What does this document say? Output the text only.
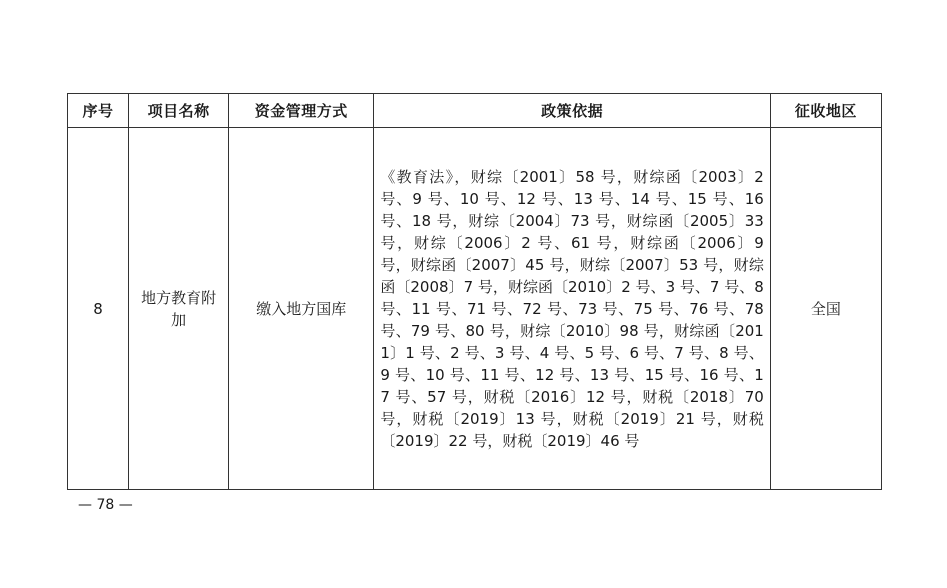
序号	项目名称	资金管理方式	政策依据	征收地区
8	地方教育附加	缴入地方国库	《教育法》，财综〔2001〕58 号，财综函〔2003〕2 号、9 号、10 号、12 号、13 号、14 号、15 号、16 号、18 号，财综〔2004〕73 号，财综函〔2005〕33 号，财综〔2006〕2 号、61 号，财综函〔2006〕9 号，财综函〔2007〕45 号，财综〔2007〕53 号，财综函〔2008〕7 号，财综函〔2010〕2 号、3 号、7 号、8 号、11 号、71 号、72 号、73 号、75 号、76 号、78 号、79 号、80 号，财综〔2010〕98 号，财综函〔2011〕1 号、2 号、3 号、4 号、5 号、6 号、7 号、8 号、9 号、10 号、11 号、12 号、13 号、15 号、16 号、17 号、57 号，财税〔2016〕12 号，财税〔2018〕70 号，财税〔2019〕13 号，财税〔2019〕21 号，财税〔2019〕22 号，财税〔2019〕46 号	全国
— 78 —
